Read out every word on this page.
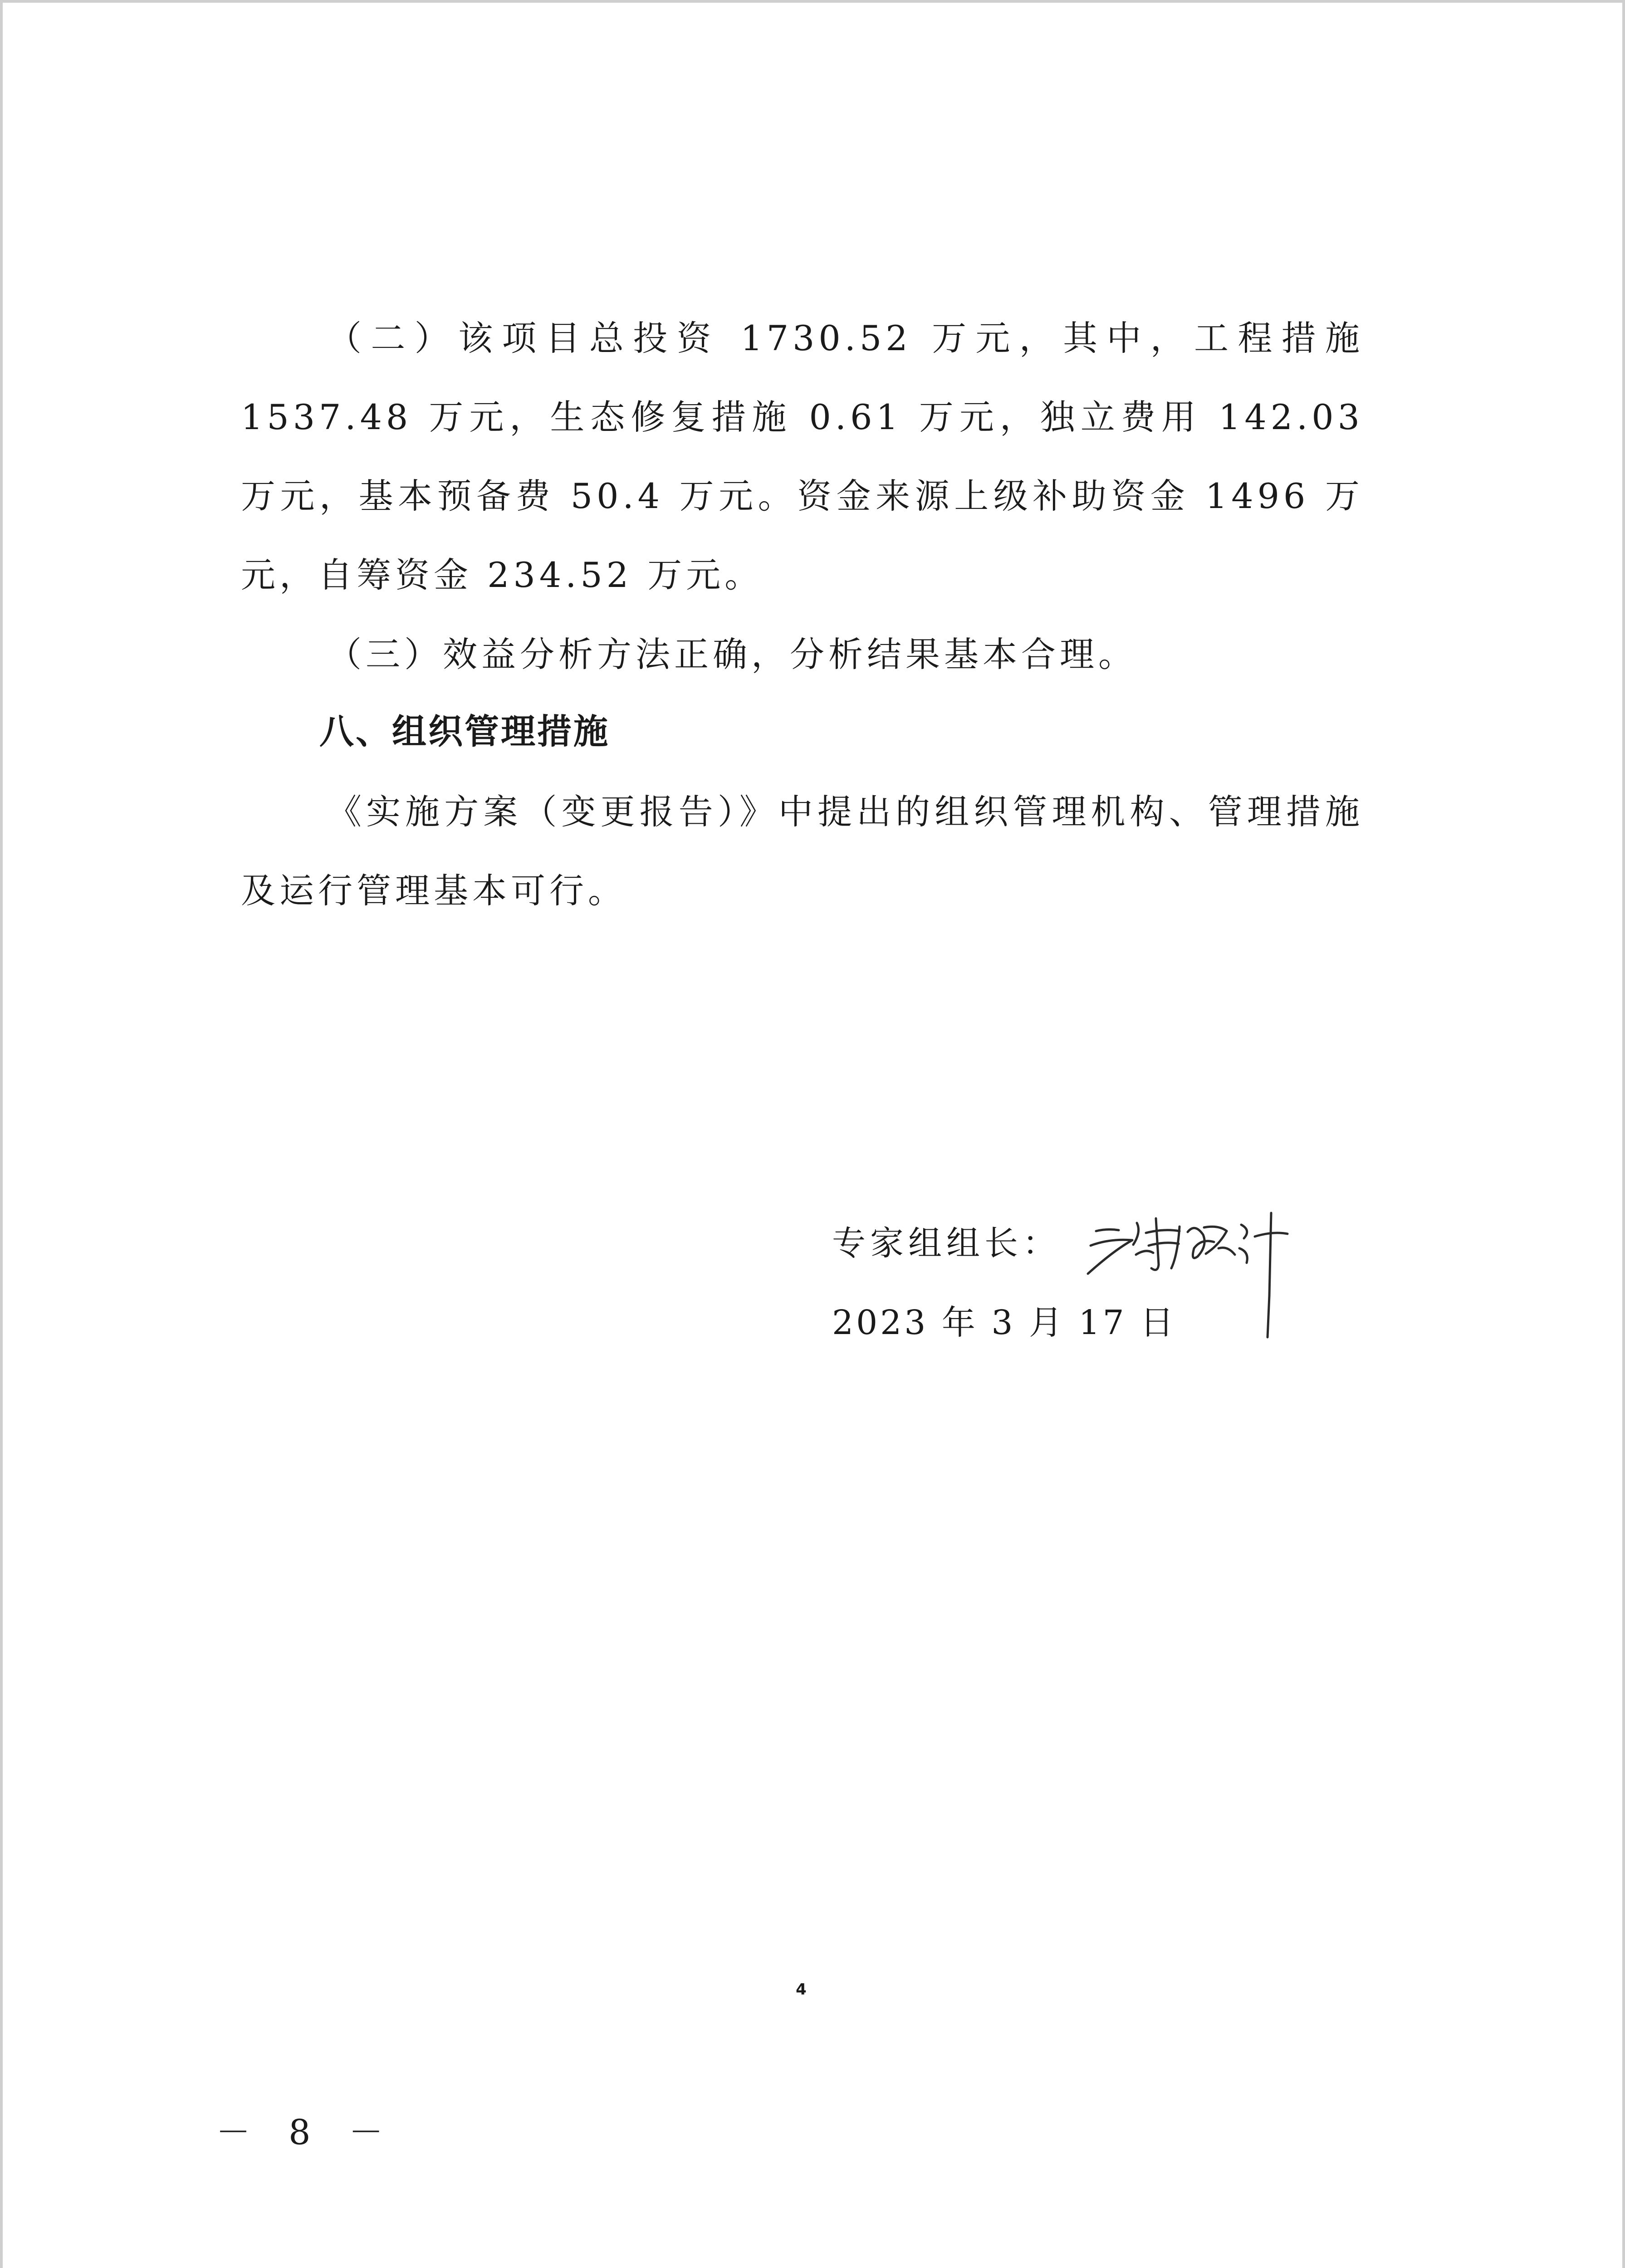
（二）该项目总投资 1730.52 万元，其中，工程措施 1537.48 万元，生态修复措施 0.61 万元，独立费用 142.03 万元，基本预备费 50.4 万元。资金来源上级补助资金 1496 万元，自筹资金 234.52 万元。

（三）效益分析方法正确，分析结果基本合理。

八、组织管理措施

《实施方案（变更报告）》中提出的组织管理机构、管理措施及运行管理基本可行。

专家组组长：
2023 年 3 月 17 日
4
－ 8 －
